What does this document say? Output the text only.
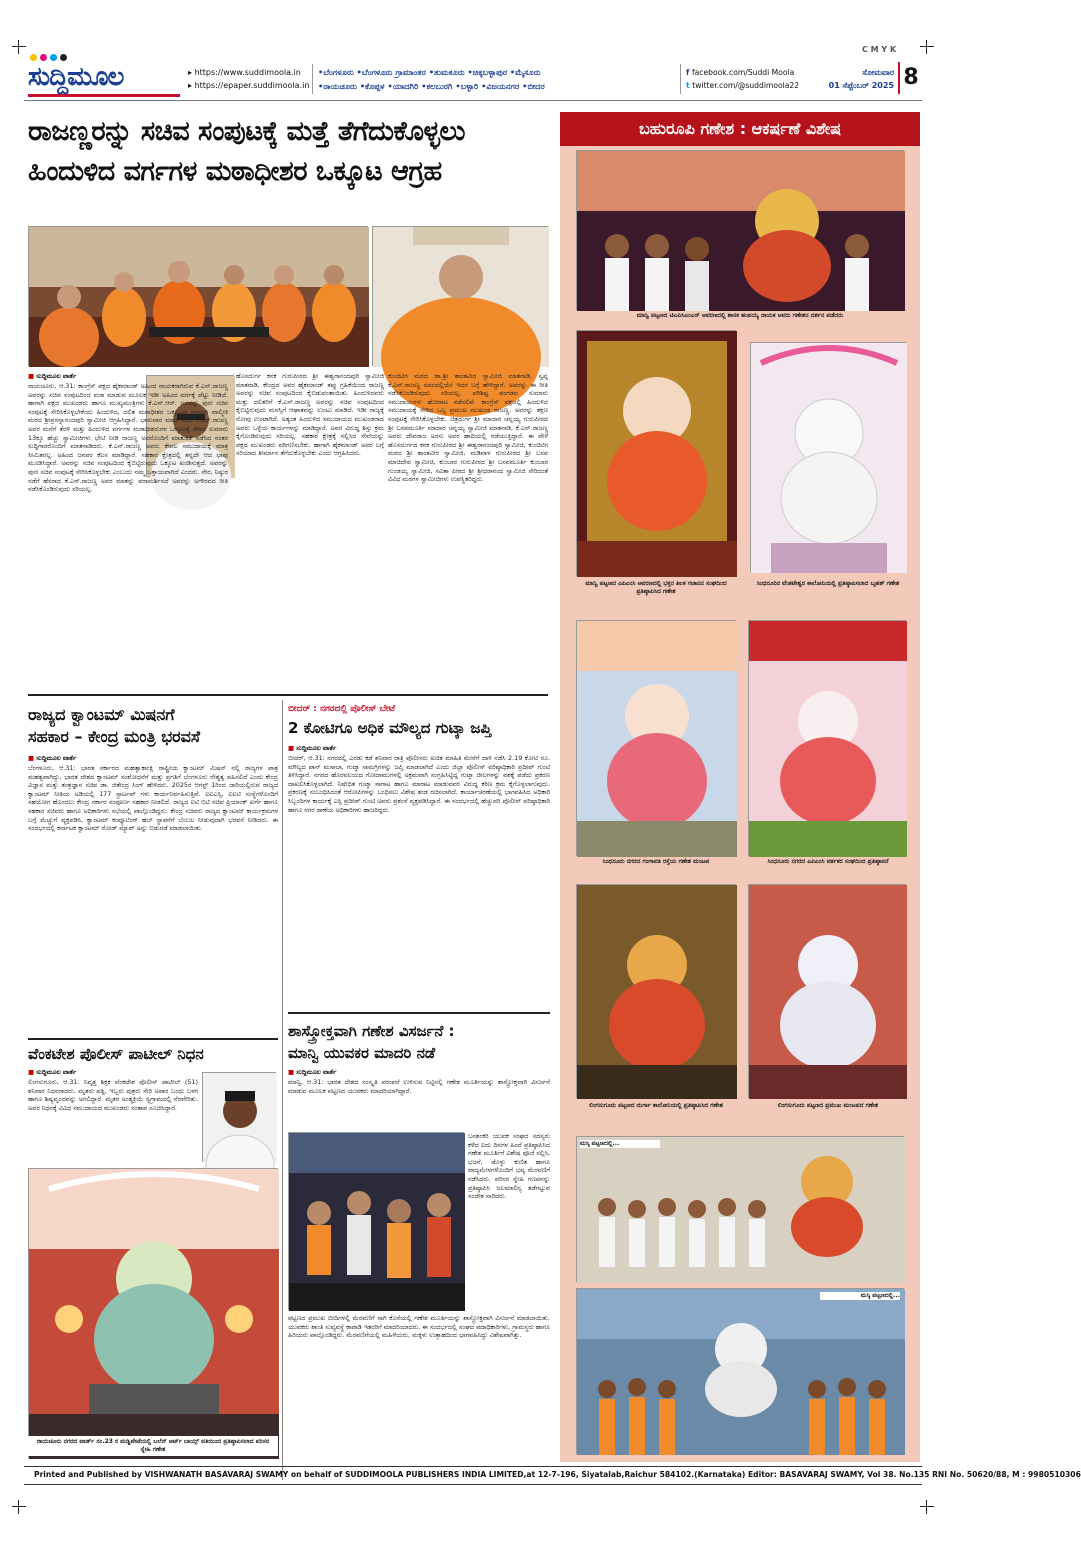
C M Y K
ಸುದ್ದಿಮೂಲ	▸ https://www.suddimoola.in
▸ https://epaper.suddimoola.in
•ಬೆಂಗಳೂರು •ಬೆಂಗಳೂರು ಗ್ರಾಮಾಂತರ •ತುಮಕೂರು •ಚಿಕ್ಕಬಳ್ಳಾಪುರ •ಮೈಸೂರು
•ರಾಯಚೂರು •ಕೊಪ್ಪಳ •ಯಾದಗಿರಿ •ಕಲಬುರಗಿ •ಬಳ್ಳಾರಿ •ವಿಜಯನಗರ •ಬೀದರ
f facebook.com/Suddi Moola
t twitter.com/@suddimoola22
ಸೋಮವಾರ
01 ಸೆಪ್ಟೆಂಬರ್ 2025 8
ರಾಜಣ್ಣರನ್ನು ಸಚಿವ ಸಂಪುಟಕ್ಕೆ ಮತ್ತೆ ತೆಗೆದುಕೊಳ್ಳಲು
ಹಿಂದುಳಿದ ವರ್ಗಗಳ ಮಠಾಧೀಶರ ಒಕ್ಕೂಟ ಆಗ್ರಹ
■ ಸುದ್ದಿಮೂಲ ವಾರ್ತೆ
ರಾಯಚೂರು, ಆ.31: ಕಾಂಗ್ರೆಸ್ ಪಕ್ಷದ ಹೈಕಮಾಂಡ್ ಅಹಿಂದ ನಾಯಕರಾಗಿರುವ ಕೆ.ಎನ್.ರಾಜಣ್ಣ ಅವರನ್ನು ಸಚಿವ ಸಂಪುಟದಿಂದ ವಜಾ ಮಾಡುವ ಮೂಲಕ ಇಡೀ ಅಹಿಂದ ವರ್ಗಕ್ಕೆ ಪೆಟ್ಟು ನೀಡಿದೆ. ಹಾಗಾಗಿ ಪಕ್ಷದ ಮುಖಂಡರು ಹಾಗೂ ಮುಖ್ಯಮಂತ್ರಿಗಳು ಕೆ.ಎನ್.ಆರ್. ಅವರನ್ನು ಪುನಃ ಸಚಿವ ಸಂಪುಟಕ್ಕೆ ಸೇರಿಸಿಕೊಳ್ಳಬೇಕೆಂದು ಹಿಂದುಳಿದ, ದಲಿತ ಮಠಾಧೀಶರ ಒಕ್ಕೂಟದ ಪರವಾಗಿ ವಾಲ್ಮೀಕಿ ಮಠದ ಶ್ರೀಪ್ರಸನ್ನಾನಂದಪುರಿ ಸ್ವಾಮೀಜಿ ಆಗ್ರಹಿಸಿದ್ದಾರೆ. ಭಾನುವಾರ ಮಾಜಿ ಸಚಿವ ಕೆ.ಎನ್.ರಾಜಣ್ಣ ಅವರ ಮನೆಗೆ ತೆರಳಿ ಮತ್ತು ಹಿಂದುಳಿದ ವರ್ಗಗಳ ಮಠಾಧೀಶರುಗಳ ಒಕ್ಕೂಟಕ್ಕೆ ಸೇರಿದ ಸುಮಾರು 13ಕ್ಕೂ ಹೆಚ್ಚು ಸ್ವಾಮೀಜಿಗಳು ಭೇಟಿ ನೀಡಿ ರಾಜಣ್ಣ ಅವರೊಂದಿಗೆ ಮಾತುಕತೆ ನಡೆಸಿದ ನಂತರ ಸುದ್ದಿಗಾರರೊಂದಿಗೆ ಮಾತನಾಡಿದರು. ಕೆ.ಎನ್.ರಾಜಣ್ಣ ಅವರು ಕೇವಲ ಸಮುದಾಯಕ್ಕೆ ಮಾತ್ರ ಸೀಮಿತರಲ್ಲ. ಅಹಿಂದ ಜನಪರ ಕೆಲಸ ಮಾಡಿದ್ದಾರೆ. ಸಹಕಾರ ಕ್ಷೇತ್ರದಲ್ಲಿ ತನ್ನದೇ ಆದ ಛಾಪು ಮೂಡಿಸಿದ್ದಾರೆ. ಅವರನ್ನು ಸಚಿವ ಸಂಪುಟದಿಂದ ಕೈಬಿಟ್ಟಿರುವುದು ಒಕ್ಕೂಟ ಖಂಡಿಸುತ್ತದೆ. ಅವರನ್ನು ಪುನಃ ಸಚಿವ ಸಂಪುಟಕ್ಕೆ ಸೇರಿಸಿಕೊಳ್ಳಬೇಕು ಎಂಬುದು ನಮ್ಮ ಒತ್ತಾಯವಾಗಿದೆ ಎಂದರು. ನೇರ, ನಿಷ್ಠುರ ನಡೆಗೆ ಹೆಸರಾದ ಕೆ.ಎನ್.ರಾಜಣ್ಣ ಅವರ ಮಾತನ್ನು ಪರಾಮರ್ಶಿಸದೆ ಅವರನ್ನು ಅಗೌರವದ ರೀತಿ ನಡೆಸಿಕೊಂಡಿರುವುದು ಸರಿಯಲ್ಲ.
ಹೊಸದುರ್ಗ ಕನಕ ಗುರುಪೀಠದ ಶ್ರೀ ಈಶ್ವರಾನಂದಪುರಿ ಸ್ವಾಮೀಜಿ ಮಾತನಾಡಿ, ಕೇಂದ್ರದ ಅವರ ಹೈಕಮಾಂಡ್ ತಪ್ಪು ಗ್ರಹಿಕೆಯಿಂದ ರಾಜಣ್ಣ ಅವರನ್ನು ಸಚಿವ ಸಂಪುಟದಿಂದ ಕೈಬಿಡುವಂತಾಯಿತು. ಹಿಂದುಳಿದವರು ಮತ್ತು ದಲಿತರಿಗೆ ಕೆ.ಎನ್.ರಾಜಣ್ಣ ಅವರನ್ನು ಸಚಿವ ಸಂಪುಟದಿಂದ ಕೈಬಿಟ್ಟಿರುವುದು ಮನಸ್ಸಿಗೆ ಆಘಾತವನ್ನು ಉಂಟು ಮಾಡಿದೆ. ಇಡೀ ರಾಜ್ಯಕ್ಕೆ ನೋವು ಉಂಟಾಗಿದೆ. ಅತ್ಯಂತ ಹಿಂದುಳಿದ ಸಮುದಾಯದ ಮುಖಂಡರಾದ ಅವರು ಒಳ್ಳೆಯ ಕಾರ್ಯಗಳನ್ನು ಮಾಡಿದ್ದಾರೆ. ಅವರ ವಿರುದ್ಧ ಶಿಸ್ತು ಕ್ರಮ ಕೈಗೊಂಡಿರುವುದು ಸರಿಯಲ್ಲ. ಸಹಕಾರ ಕ್ಷೇತ್ರಕ್ಕೆ ಸಲ್ಲಿಸಿದ ಸೇವೆಯನ್ನು ಪಕ್ಷದ ಮುಖಂಡರು ಪರಿಗಣಿಸಬೇಕು. ಹಾಗಾಗಿ ಹೈಕಮಾಂಡ್ ಅವರ ಬಗ್ಗೆ ಸರಿಯಾದ ತೀರ್ಮಾನ ತೆಗೆದುಕೊಳ್ಳಬೇಕು ಎಂದು ಆಗ್ರಹಿಸಿದರು.
ಕುಂಚಿಟಿಗ ಮಠದ ಡಾ.ಶ್ರೀ ಶಾಂತವೀರ ಸ್ವಾಮೀಜಿ ಮಾತನಾಡಿ, ಸ್ವಪ್ನ ಕೆ.ಎನ್.ರಾಜಣ್ಣ ಸದನದಲ್ಲಿಯೇ ಇದರ ಬಗ್ಗೆ ಹೇಳಿದ್ದಾರೆ. ಅವರನ್ನು ಈ ರೀತಿ ನಡೆಸಿಕೊಂಡಿರುವುದು ಸರಿಯಲ್ಲ. ಪರಿಶಿಷ್ಟ ಪಂಗಡದ ಸುಮಾರು ಸಮುದಾಯಗಳು ಹೋರಾಟ ನಡೆಸಲಿವೆ. ಕಾಂಗ್ರೆಸ್ ಪಕ್ಷದಲ್ಲಿ ಹಿಂದುಳಿದ ಸಮುದಾಯಕ್ಕೆ ಸೇರಿದ ಒಬ್ಬ ಪ್ರಮುಖ ಮುಖಂಡ ರಾಜಣ್ಣ. ಅವರನ್ನು ತಕ್ಷಣ ಸಂಪುಟಕ್ಕೆ ಸೇರಿಸಿಕೊಳ್ಳಬೇಕು. ಚಿತ್ರದುರ್ಗ ಶ್ರೀ ಮಾದಾರ ಚನ್ನಯ್ಯ ಗುರುಪೀಠದ ಶ್ರೀ ಬಸವಮೂರ್ತಿ ಮಾದಾರ ಚನ್ನಯ್ಯ ಸ್ವಾಮೀಜಿ ಮಾತನಾಡಿ, ಕೆ.ಎನ್.ರಾಜಣ್ಣ ಅವರು ದೇವರಾಜ ಅರಸು ಅವರ ಹಾದಿಯಲ್ಲಿ ನಡೆಯುತ್ತಿದ್ದಾರೆ. ಈ ವೇಳೆ ಹೊಸದುರ್ಗದ ಕನಕ ಗುರುಪೀಠದ ಶ್ರೀ ಈಶ್ವರಾನಂದಪುರಿ ಸ್ವಾಮೀಜಿ, ಕುಂಚಿಟಿಗ ಮಠದ ಶ್ರೀ ಶಾಂತವೀರ ಸ್ವಾಮೀಜಿ, ಮಡಿವಾಳ ಗುರುಪೀಠದ ಶ್ರೀ ಬಸವ ಮಾಚಿದೇವ ಸ್ವಾಮೀಜಿ, ಕುಂಬಾರ ಗುರುಪೀಠದ ಶ್ರೀ ಬಸವಮೂರ್ತಿ ಕುಂಬಾರ ಗುಂಡಯ್ಯ ಸ್ವಾಮೀಜಿ, ಸವಿತಾ ಪೀಠದ ಶ್ರೀ ಶ್ರೀಧರಾನಂದ ಸ್ವಾಮೀಜಿ ಸೇರಿದಂತೆ ವಿವಿಧ ಮಠಗಳ ಸ್ವಾಮೀಜಿಗಳು ಉಪಸ್ಥಿತರಿದ್ದರು.
ರಾಜ್ಯದ ಕ್ವಾಂಟಮ್ ಮಿಷನಗೆ
ಸಹಕಾರ – ಕೇಂದ್ರ ಮಂತ್ರಿ ಭರವಸೆ
■ ಸುದ್ದಿಮೂಲ ವಾರ್ತೆ
ಬೆಂಗಳೂರು, ಆ.31: ಭಾರತ ಸರ್ಕಾರದ ಮಹತ್ವಾಕಾಂಕ್ಷಿ ರಾಷ್ಟ್ರೀಯ ಕ್ವಾಂಟಮ್ ಮಿಷನ್ ನಲ್ಲಿ ರಾಜ್ಯಗಳ ಪಾತ್ರ ಮಹತ್ವವಾಗಿದ್ದು, ಭಾರತ ದೇಶದ ಕ್ವಾಂಟಮ್ ಸಂಶೋಧನೆಗೆ ಮತ್ತು ಪ್ರಗತಿಗೆ ಬೆಂಗಳೂರು ನೇತೃತ್ವ ವಹಿಸಲಿದೆ ಎಂದು ಕೇಂದ್ರ ವಿಜ್ಞಾನ ಮತ್ತು ತಂತ್ರಜ್ಞಾನ ಸಚಿವ ಡಾ. ಜಿತೇಂದ್ರ ಸಿಂಗ್ ಹೇಳಿದರು. 2025ರ ಆಗಸ್ಟ್ 1ರಿಂದ ಜಾರಿಯಲ್ಲಿರುವ ರಾಜ್ಯದ ಕ್ವಾಂಟಮ್ ನೀತಿಯ ಅಡಿಯಲ್ಲಿ 177 ಸ್ಟಾರ್ಟಪ್ ಗಳು ಕಾರ್ಯನಿರ್ವಹಿಸುತ್ತಿವೆ. ಐಐಎಸ್ಸಿ, ಐಐಟಿ ಸಂಸ್ಥೆಗಳೊಂದಿಗೆ ಸಹಯೋಗ ಹೊಂದಲು ಕೇಂದ್ರ ಸರ್ಕಾರ ಸಂಪೂರ್ಣ ಸಹಕಾರ ನೀಡಲಿದೆ. ರಾಜ್ಯದ ಐಟಿ ಬಿಟಿ ಸಚಿವ ಪ್ರಿಯಾಂಕ್ ಖರ್ಗೆ ಹಾಗೂ ಸಹಕಾರ ಸಚಿವರು ಹಾಗೂ ಅಧಿಕಾರಿಗಳು ಸಭೆಯಲ್ಲಿ ಪಾಲ್ಗೊಂಡಿದ್ದರು. ಕೇಂದ್ರ ಸಚಿವರು ರಾಜ್ಯದ ಕ್ವಾಂಟಮ್ ಕಾರ್ಯಕ್ರಮಗಳ ಬಗ್ಗೆ ಮೆಚ್ಚುಗೆ ವ್ಯಕ್ತಪಡಿಸಿ, ಕ್ವಾಂಟಮ್ ಕಂಪ್ಯೂಟಿಂಗ್ ಹಬ್ ಸ್ಥಾಪನೆಗೆ ಬೆಂಬಲ ನೀಡುವುದಾಗಿ ಭರವಸೆ ನೀಡಿದರು. ಈ ಸಂದರ್ಭದಲ್ಲಿ ಕರ್ನಾಟಕ ಕ್ವಾಂಟಮ್ ರೋಡ್ ಮ್ಯಾಪ್ ಅನ್ನು ಬಿಡುಗಡೆ ಮಾಡಲಾಯಿತು.
ಬೀದರ್ : ನಗರದಲ್ಲಿ ಪೊಲೀಸ್ ಬೇಟೆ
2 ಕೋಟಿಗೂ ಅಧಿಕ ಮೌಲ್ಯದ ಗುಟ್ಕಾ ಜಪ್ತಿ
■ ಸುದ್ದಿಮೂಲ ವಾರ್ತೆ
ಬೀದರ್, ಆ.31: ನಗರದಲ್ಲಿ ಎರಡು ಕಡೆ ಶನಿವಾರ ರಾತ್ರಿ ಪೊಲೀಸರು ಖಚಿತ ಮಾಹಿತಿ ಮೇರೆಗೆ ದಾಳಿ ನಡೆಸಿ 2.19 ಕೋಟಿ ರೂ. ಮೌಲ್ಯದ ಪಾನ್ ಮಸಾಲಾ, ಗುಟ್ಕಾ ಸಾಮಗ್ರಿಗಳನ್ನು ಜಪ್ತಿ ಮಾಡಲಾಗಿದೆ ಎಂದು ಜಿಲ್ಲಾ ಪೊಲೀಸ್ ವರಿಷ್ಠಾಧಿಕಾರಿ ಪ್ರದೀಪ್ ಗುಂಟಿ ತಿಳಿಸಿದ್ದಾರೆ. ನಗರದ ಹೊರವಲಯದ ಗೋದಾಮುಗಳಲ್ಲಿ ಅಕ್ರಮವಾಗಿ ಸಂಗ್ರಹಿಸಿಟ್ಟಿದ್ದ ಗುಟ್ಕಾ ಚೀಲಗಳನ್ನು ವಶಕ್ಕೆ ಪಡೆದು ಪ್ರಕರಣ ದಾಖಲಿಸಿಕೊಳ್ಳಲಾಗಿದೆ. ನಿಷೇಧಿತ ಗುಟ್ಕಾ ಸಾಗಾಟ ಹಾಗೂ ಮಾರಾಟ ಮಾಡುವವರ ವಿರುದ್ಧ ಕಠಿಣ ಕ್ರಮ ಕೈಗೊಳ್ಳಲಾಗುವುದು. ಪ್ರಕರಣಕ್ಕೆ ಸಂಬಂಧಿಸಿದಂತೆ ಆರೋಪಿಗಳನ್ನು ಬಂಧಿಸಲು ವಿಶೇಷ ತಂಡ ರಚಿಸಲಾಗಿದೆ. ಕಾರ್ಯಾಚರಣೆಯಲ್ಲಿ ಭಾಗವಹಿಸಿದ ಅಧಿಕಾರಿ ಸಿಬ್ಬಂದಿಗಳ ಕಾರ್ಯಕ್ಕೆ ಎಸ್ಪಿ ಪ್ರದೀಪ್ ಗುಂಟಿ ಅವರು ಪ್ರಶಂಸೆ ವ್ಯಕ್ತಪಡಿಸಿದ್ದಾರೆ. ಈ ಸಂದರ್ಭದಲ್ಲಿ ಹೆಚ್ಚುವರಿ ಪೊಲೀಸ್ ವರಿಷ್ಠಾಧಿಕಾರಿ ಹಾಗೂ ನಗರ ಠಾಣೆಯ ಅಧಿಕಾರಿಗಳು ಹಾಜರಿದ್ದರು.
ವೆಂಕಟೇಶ ಪೊಲೀಸ್ ಪಾಟೀಲ್ ನಿಧನ
■ ಸುದ್ದಿಮೂಲ ವಾರ್ತೆ
ಲಿಂಗಸುಗೂರು, ಆ.31: ನಿವೃತ್ತ ಶಿಕ್ಷಕ ವೆಂಕಟೇಶ ಪೊಲೀಸ್ ಪಾಟೀಲ್ (51) ಶನಿವಾರ ನಿಧನರಾದರು. ಮೃತರು ಪತ್ನಿ, ಇಬ್ಬರು ಪುತ್ರರು ಸೇರಿ ಅಪಾರ ಬಂಧು ಬಳಗ ಹಾಗೂ ಶಿಷ್ಯವೃಂದವನ್ನು ಅಗಲಿದ್ದಾರೆ. ಮೃತರ ಅಂತ್ಯಕ್ರಿಯೆ ಸ್ವಗ್ರಾಮದಲ್ಲಿ ನೆರವೇರಿತು. ಅವರ ನಿಧನಕ್ಕೆ ವಿವಿಧ ಸಮುದಾಯದ ಮುಖಂಡರು ಸಂತಾಪ ಸೂಚಿಸಿದ್ದಾರೆ.
ರಾಯಚೂರು ನಗರದ ವಾರ್ಡ್ ನಂ.23 ರ ಮಡ್ಡಿಪೇಟೆಯಲ್ಲಿ ಬಲೆನ್ ಆರ್ಟ್ ಬಾಯ್ಸ್ ವತಿಯಿಂದ ಪ್ರತಿಷ್ಠಾಪಿಸಲಾದ ಪರಿಸರ ಸ್ನೇಹಿ ಗಣೇಶ
ಶಾಸ್ತ್ರೋಕ್ತವಾಗಿ ಗಣೇಶ ವಿಸರ್ಜನೆ :
ಮಾನ್ವಿ ಯುವಕರ ಮಾದರಿ ನಡೆ
■ ಸುದ್ದಿಮೂಲ ವಾರ್ತೆ
ಮಾನ್ವಿ, ಆ.31: ಭಾರತ ದೇಶದ ಸಂಸ್ಕೃತಿ ಪರಂಪರೆ ಉಳಿಸುವ ನಿಟ್ಟಿನಲ್ಲಿ ಗಣೇಶ ಮೂರ್ತಿಯನ್ನು ಶಾಸ್ತ್ರೋಕ್ತವಾಗಿ ವಿಸರ್ಜನೆ ಮಾಡುವ ಮೂಲಕ ಪಟ್ಟಣದ ಯುವಕರು ಮಾದರಿಯಾಗಿದ್ದಾರೆ.
ಬನಶಂಕರಿ ಯುವಕ ಸಂಘದ ಸದಸ್ಯರು ಕಳೆದ ಐದು ದಿನಗಳ ಹಿಂದೆ ಪ್ರತಿಷ್ಠಾಪಿಸಿದ ಗಣೇಶ ಮೂರ್ತಿಗೆ ವಿಶೇಷ ಪೂಜೆ ಸಲ್ಲಿಸಿ, ಭಜನೆ, ಡೊಳ್ಳು ಕುಣಿತ ಹಾಗೂ ವಾದ್ಯಮೇಳಗಳೊಂದಿಗೆ ಭವ್ಯ ಮೆರವಣಿಗೆ ನಡೆಸಿದರು. ಪರಿಸರ ಸ್ನೇಹಿ ಗಣಪನನ್ನು ಪ್ರತಿಷ್ಠಾಪಿಸಿ ಜಲಮಾಲಿನ್ಯ ತಡೆಗಟ್ಟುವ ಸಂದೇಶ ಸಾರಿದರು.
ಪಟ್ಟಣದ ಪ್ರಮುಖ ಬೀದಿಗಳಲ್ಲಿ ಮೆರವಣಿಗೆ ಸಾಗಿ ಕೊನೆಯಲ್ಲಿ ಗಣೇಶ ಮೂರ್ತಿಯನ್ನು ಶಾಸ್ತ್ರೋಕ್ತವಾಗಿ ವಿಸರ್ಜನೆ ಮಾಡಲಾಯಿತು. ಯುವಕರು ಶಾಂತಿ ಸುವ್ಯವಸ್ಥೆ ಕಾಪಾಡಿ ಇತರರಿಗೆ ಮಾದರಿಯಾದರು. ಈ ಸಂದರ್ಭದಲ್ಲಿ ಸಂಘದ ಪದಾಧಿಕಾರಿಗಳು, ಗ್ರಾಮಸ್ಥರು ಹಾಗೂ ಹಿರಿಯರು ಪಾಲ್ಗೊಂಡಿದ್ದರು. ಮೆರವಣಿಗೆಯಲ್ಲಿ ಮಹಿಳೆಯರು, ಮಕ್ಕಳು ಉತ್ಸಾಹದಿಂದ ಭಾಗವಹಿಸಿದ್ದು ವಿಶೇಷವಾಗಿತ್ತು.
ಬಹುರೂಪಿ ಗಣೇಶ : ಆಕರ್ಷಣೆ ವಿಶೇಷ
ಮಾನ್ವಿ ಪಟ್ಟಣದ ಟಿಎಪಿಸಿಎಂಎಸ್ ಆವರಣದಲ್ಲಿ ಶಾಸಕ ಹಂಪಯ್ಯ ನಾಯಕ ಅವರು ಗಣೇಶನ ದರ್ಶನ ಪಡೆದರು
ಮಾನ್ವಿ ಪಟ್ಟಣದ ಎಪಿಎಂಸಿ ಆವರಣದಲ್ಲಿ ಭಕ್ತರ ತಿಲಕ ಗಜಾನನ ಸಂಘದಿಂದ ಪ್ರತಿಷ್ಠಾಪಿಸಿದ ಗಣೇಶ
ಸಿಂಧನೂರಿನ ವೆಂಕಟೇಶ್ವರ ಕಾಲೋನಿಯಲ್ಲಿ ಪ್ರತಿಷ್ಠಾಪಿಸಲಾದ ಬೃಹತ್ ಗಣೇಶ
ಸಿಂಧನೂರು ನಗರದ ಗಂಗಾವತಿ ರಸ್ತೆಯ ಗಣೇಶ ಮಂಟಪ	ಸಿಂಧನೂರು ನಗರದ ಎಪಿಎಂಸಿ ವರ್ತಕರ ಸಂಘದಿಂದ ಪ್ರತಿಷ್ಠಾಪನೆ
ಲಿಂಗಸುಗೂರು ಪಟ್ಟಣದ ದುರ್ಗಾ ಕಾಲೋನಿಯಲ್ಲಿ ಪ್ರತಿಷ್ಠಾಪಿಸಿದ ಗಣೇಶ	ಲಿಂಗಸುಗೂರು ಪಟ್ಟಣದ ಪ್ರಮುಖ ಮಂಟಪದ ಗಣೇಶ
ಮಸ್ಕಿ ಪಟ್ಟಣದಲ್ಲಿ...
ಮಸ್ಕಿ ಪಟ್ಟಣದಲ್ಲಿ...
Printed and Published by VISHWANATH BASAVARAJ SWAMY on behalf of SUDDIMOOLA PUBLISHERS INDIA LIMITED,at 12-7-196, Siyatalab,Raichur 584102.(Karnataka) Editor: BASAVARAJ SWAMY, Vol 38. No.135 RNI No. 50620/88, M : 9980510306
